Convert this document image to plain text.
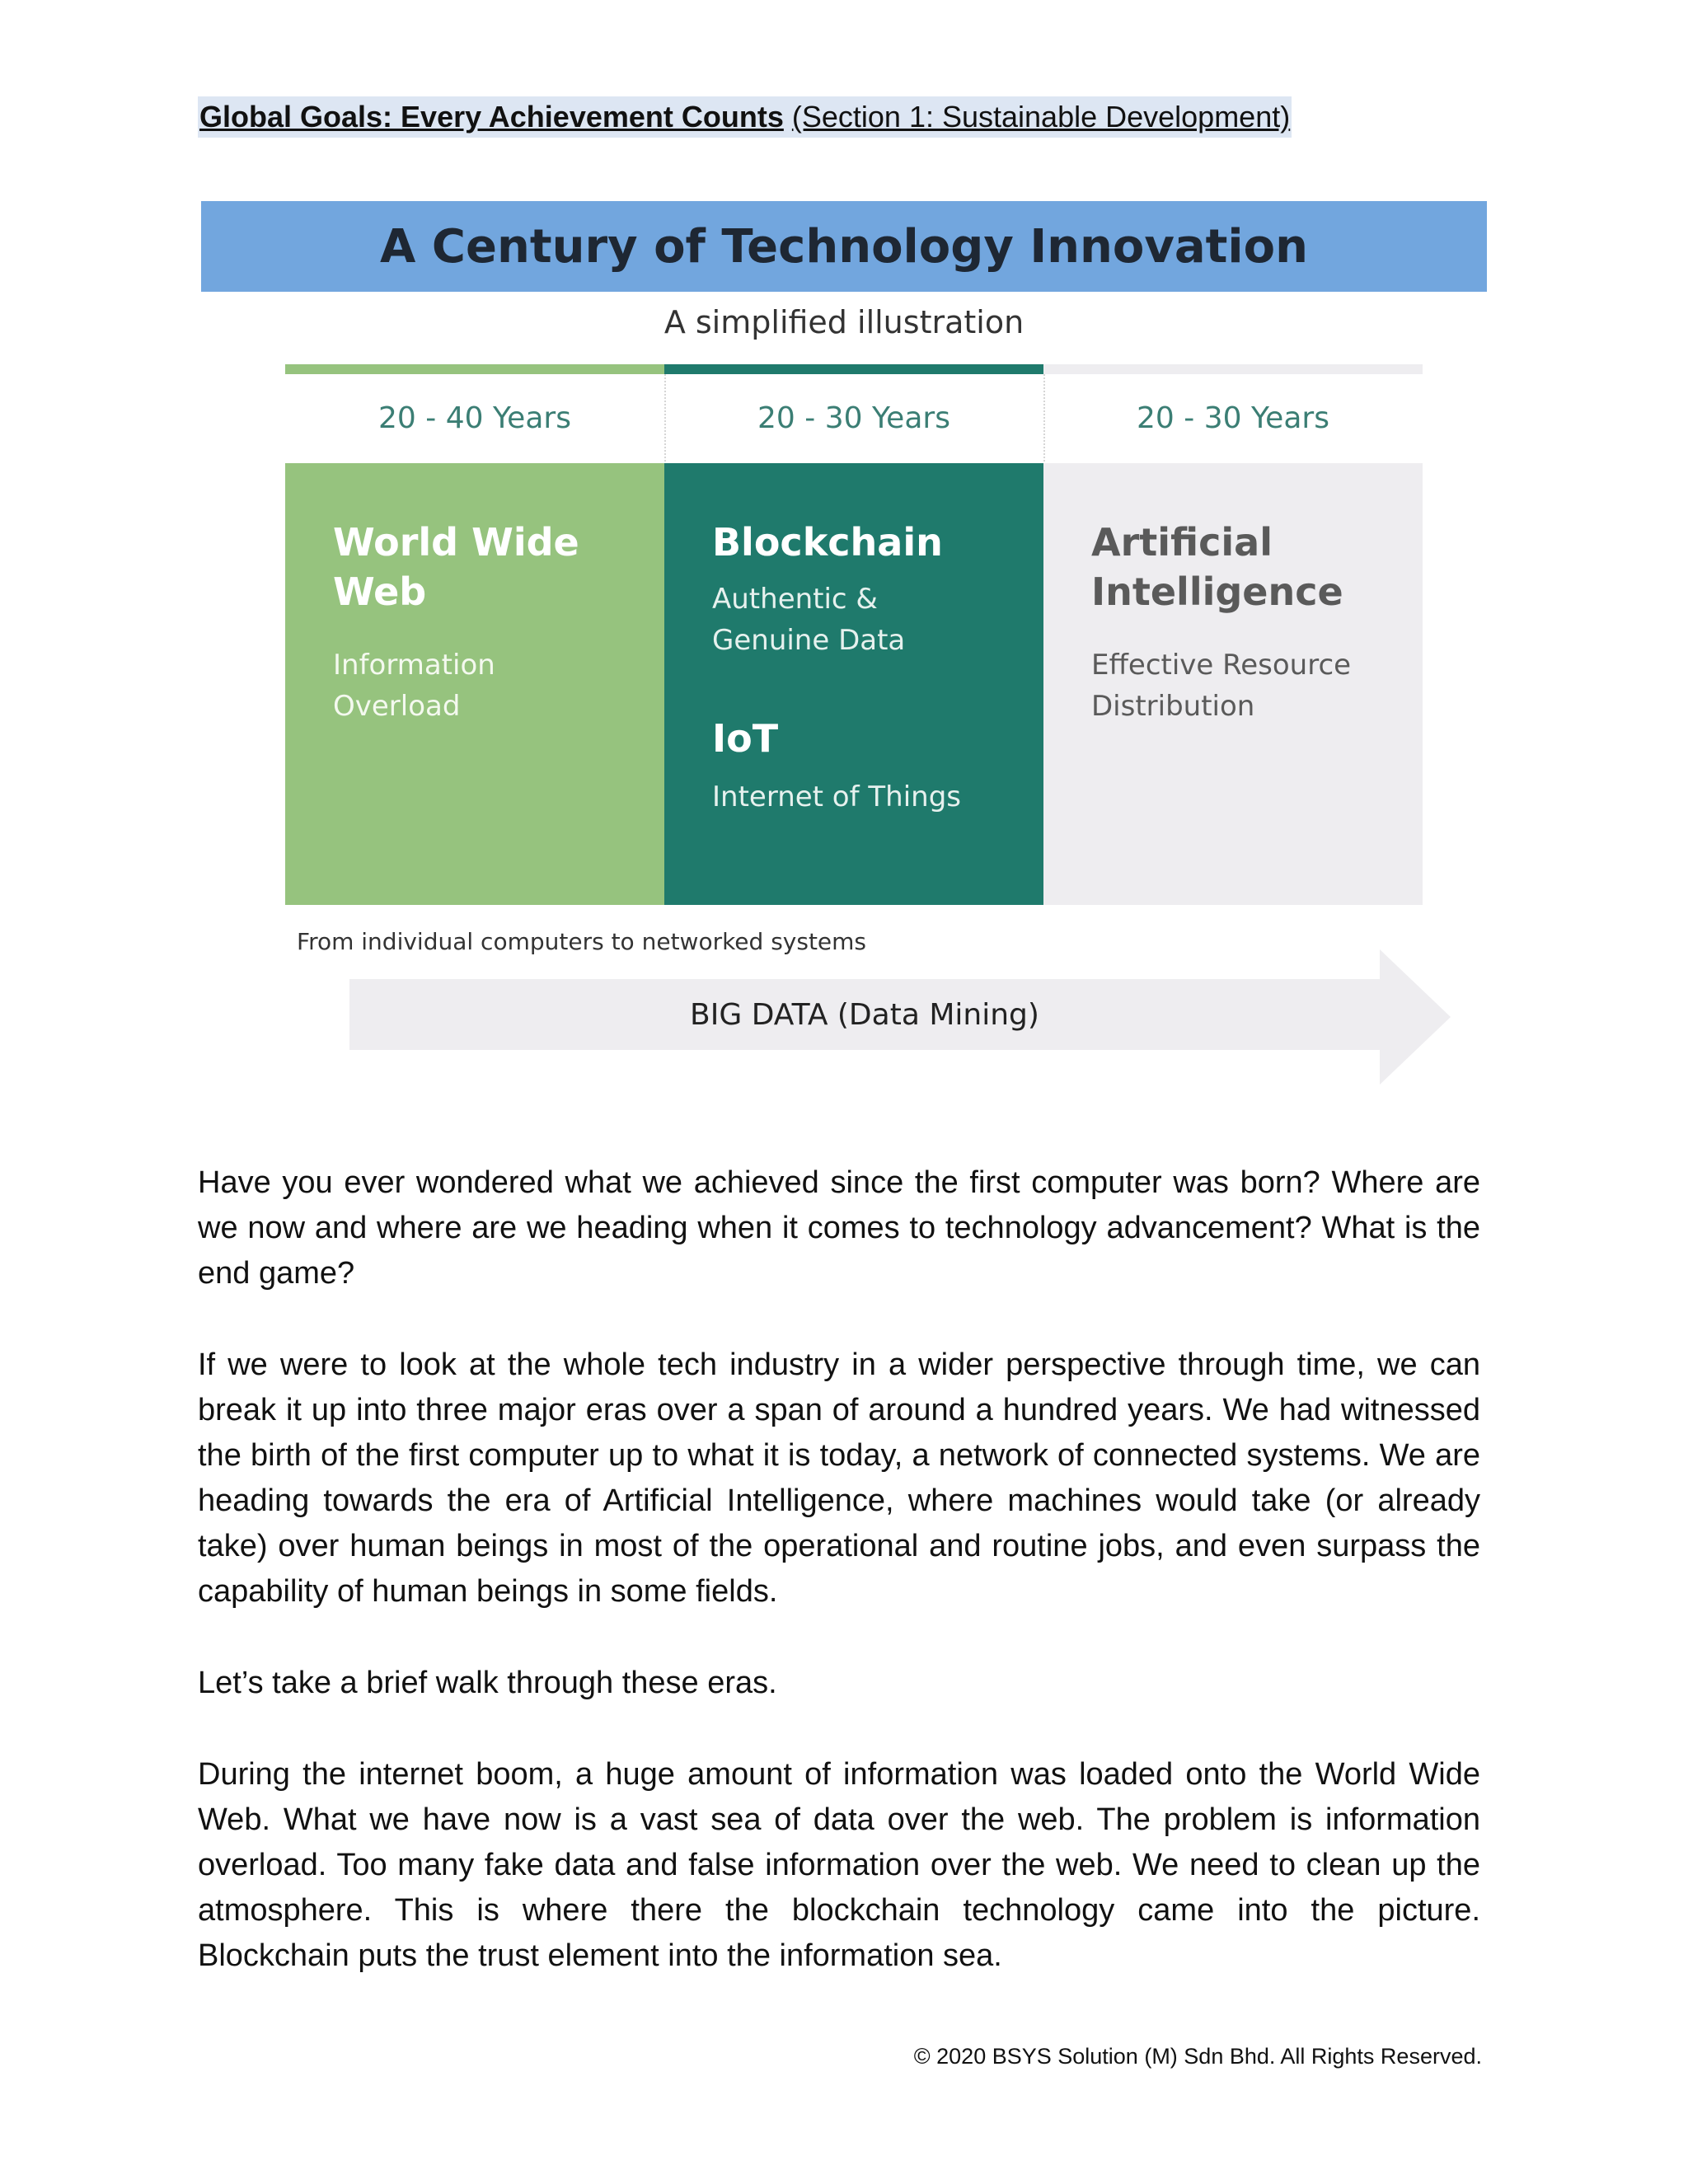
Global Goals: Every Achievement Counts (Section 1: Sustainable Development)
A Century of Technology Innovation
A simplified illustration
20 - 40 Years
World Wide Web
Information Overload
20 - 30 Years
Blockchain
Authentic & Genuine Data
IoT
Internet of Things
20 - 30 Years
Artificial Intelligence
Effective Resource Distribution
From individual computers to networked systems
BIG DATA (Data Mining)

Have you ever wondered what we achieved since the first computer was born? Where are we now and where are we heading when it comes to technology advancement? What is the end game?

If we were to look at the whole tech industry in a wider perspective through time, we can break it up into three major eras over a span of around a hundred years. We had witnessed the birth of the first computer up to what it is today, a network of connected systems. We are heading towards the era of Artificial Intelligence, where machines would take (or already take) over human beings in most of the operational and routine jobs, and even surpass the capability of human beings in some fields.

Let’s take a brief walk through these eras.

During the internet boom, a huge amount of information was loaded onto the World Wide Web. What we have now is a vast sea of data over the web. The problem is information overload. Too many fake data and false information over the web. We need to clean up the atmosphere. This is where there the blockchain technology came into the picture. Blockchain puts the trust element into the information sea.

© 2020 BSYS Solution (M) Sdn Bhd. All Rights Reserved.
